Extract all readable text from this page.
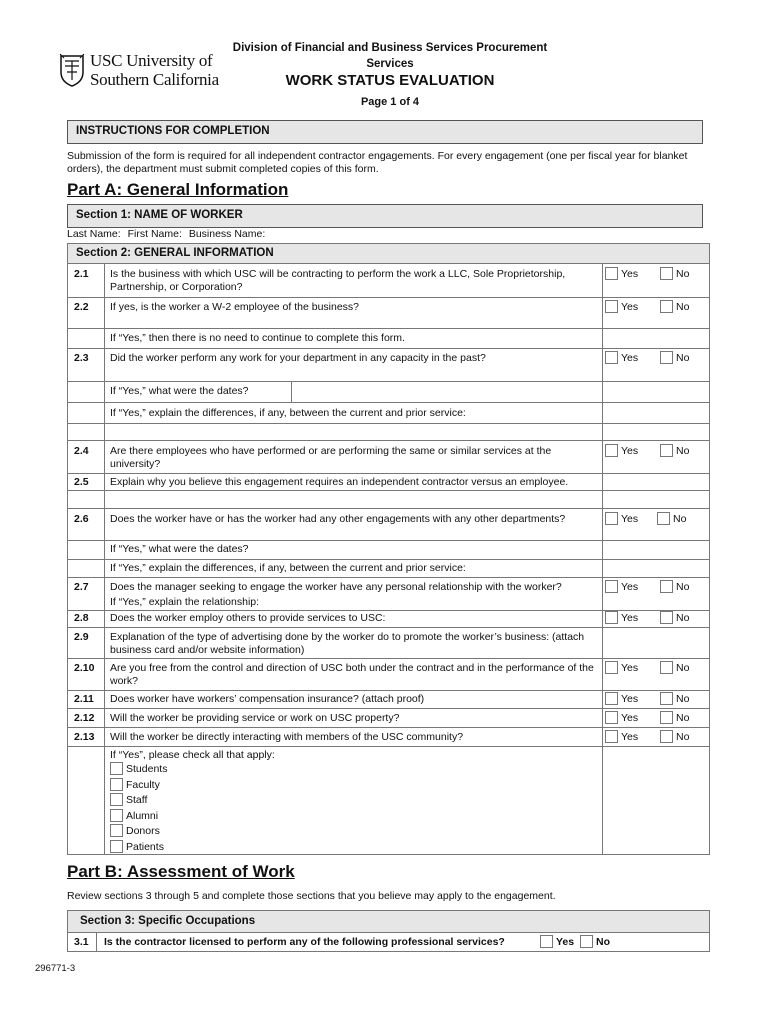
USC University of
Southern California
Division of Financial and Business Services Procurement Services
WORK STATUS EVALUATION
Page 1 of 4
INSTRUCTIONS FOR COMPLETION
Submission of the form is required for all independent contractor engagements. For every engagement (one per fiscal year for blanket orders), the department must submit completed copies of this form.
Part A: General Information
Section 1: NAME OF WORKER
Last Name: First Name: Business Name:
Section 2: GENERAL INFORMATION
2.1 Is the business with which USC will be contracting to perform the work a LLC, Sole Proprietorship, Partnership, or Corporation?
Yes	No
2.2 If yes, is the worker a W-2 employee of the business?	Yes	No
If “Yes,” then there is no need to continue to complete this form.
2.3 Did the worker perform any work for your department in any capacity in the past?	Yes	No
If “Yes,” what were the dates?
If “Yes,” explain the differences, if any, between the current and prior service:
2.4 Are there employees who have performed or are performing the same or similar services at the university?
Yes	No
2.5 Explain why you believe this engagement requires an independent contractor versus an employee.
2.6 Does the worker have or has the worker had any other engagements with any other departments?	Yes	No
If “Yes,” what were the dates?
If “Yes,” explain the differences, if any, between the current and prior service:
2.7 Does the manager seeking to engage the worker have any personal relationship with the worker?	Yes	No
If “Yes,” explain the relationship:
2.8 Does the worker employ others to provide services to USC:	Yes	No
2.9 Explanation of the type of advertising done by the worker do to promote the worker’s business: (attach business card and/or website information)
2.10 Are you free from the control and direction of USC both under the contract and in the performance of the work?
Yes	No
2.11 Does worker have workers’ compensation insurance? (attach proof)	Yes	No
2.12 Will the worker be providing service or work on USC property?	Yes	No
2.13 Will the worker be directly interacting with members of the USC community?	Yes	No
If “Yes”, please check all that apply:
Students
Faculty
Staff
Alumni
Donors
Patients
Part B: Assessment of Work
Review sections 3 through 5 and complete those sections that you believe may apply to the engagement.
Section 3: Specific Occupations
3.1 Is the contractor licensed to perform any of the following professional services?	Yes	No
296771-3
